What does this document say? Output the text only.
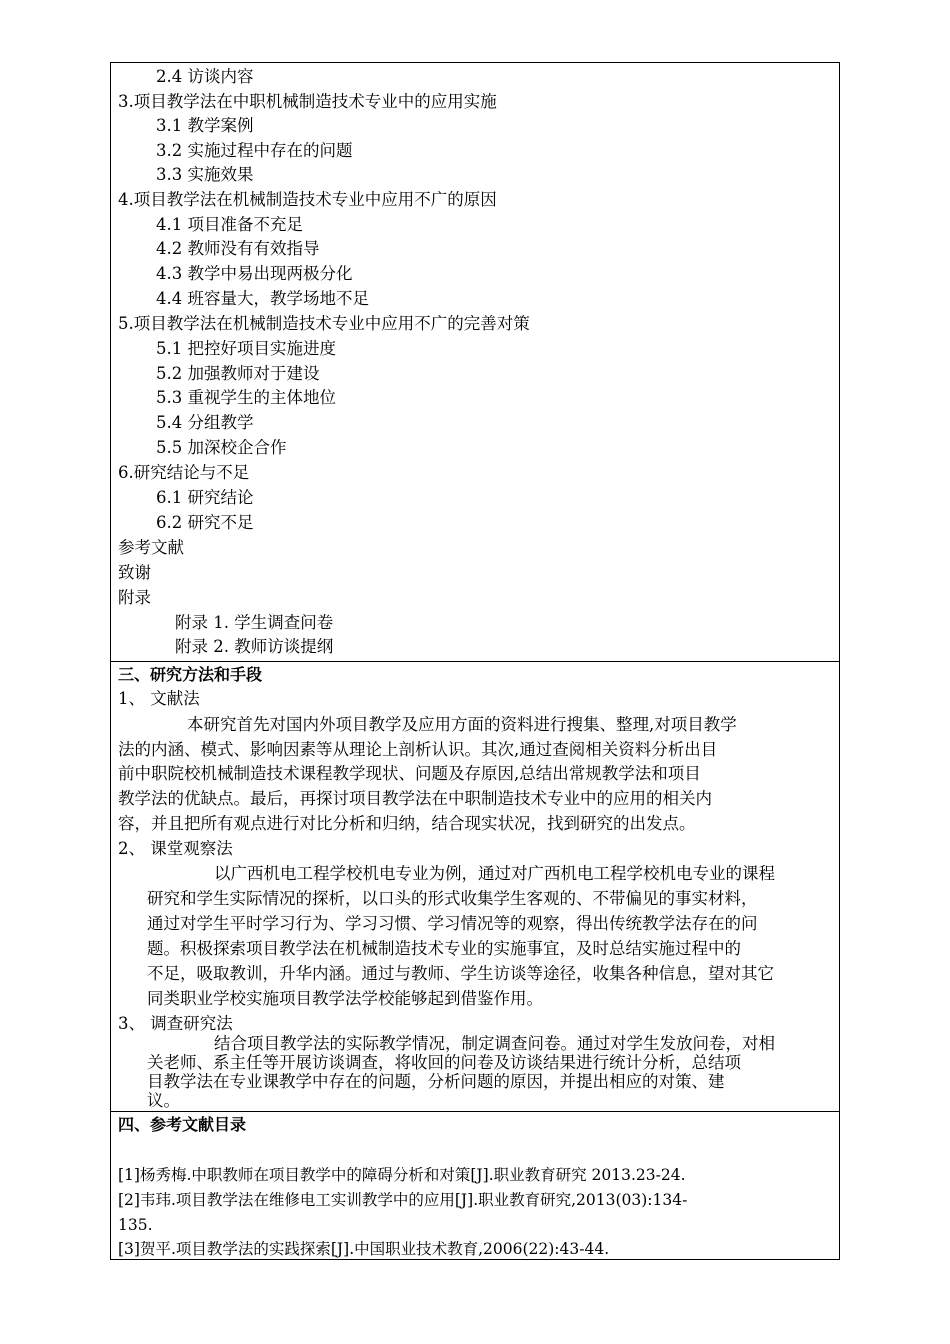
2.4 访谈内容
3.项目教学法在中职机械制造技术专业中的应用实施
3.1 教学案例
3.2 实施过程中存在的问题
3.3 实施效果
4.项目教学法在机械制造技术专业中应用不广的原因
4.1 项目准备不充足
4.2 教师没有有效指导
4.3 教学中易出现两极分化
4.4 班容量大，教学场地不足
5.项目教学法在机械制造技术专业中应用不广的完善对策
5.1 把控好项目实施进度
5.2 加强教师对于建设
5.3 重视学生的主体地位
5.4 分组教学
5.5 加深校企合作
6.研究结论与不足
6.1 研究结论
6.2 研究不足
参考文献
致谢
附录
附录 1. 学生调查问卷
附录 2. 教师访谈提纲
三、研究方法和手段
1、 文献法
本研究首先对国内外项目教学及应用方面的资料进行搜集、整理,对项目教学
法的内涵、模式、影响因素等从理论上剖析认识。其次,通过查阅相关资料分析出目
前中职院校机械制造技术课程教学现状、问题及存原因,总结出常规教学法和项目
教学法的优缺点。最后，再探讨项目教学法在中职制造技术专业中的应用的相关内
容，并且把所有观点进行对比分析和归纳，结合现实状况，找到研究的出发点。
2、 课堂观察法
以广西机电工程学校机电专业为例，通过对广西机电工程学校机电专业的课程
研究和学生实际情况的探析，以口头的形式收集学生客观的、不带偏见的事实材料，
通过对学生平时学习行为、学习习惯、学习情况等的观察，得出传统教学法存在的问
题。积极探索项目教学法在机械制造技术专业的实施事宜，及时总结实施过程中的
不足，吸取教训，升华内涵。通过与教师、学生访谈等途径，收集各种信息，望对其它
同类职业学校实施项目教学法学校能够起到借鉴作用。
3、 调查研究法
结合项目教学法的实际教学情况，制定调查问卷。通过对学生发放问卷，对相
关老师、系主任等开展访谈调查，将收回的问卷及访谈结果进行统计分析，总结项
目教学法在专业课教学中存在的问题，分析问题的原因，并提出相应的对策、建
议。
四、参考文献目录
[1]杨秀梅.中职教师在项目教学中的障碍分析和对策[J].职业教育研究 2013.23-24.
[2]韦玮.项目教学法在维修电工实训教学中的应用[J].职业教育研究,2013(03):134-
135.
[3]贺平.项目教学法的实践探索[J].中国职业技术教育,2006(22):43-44.
